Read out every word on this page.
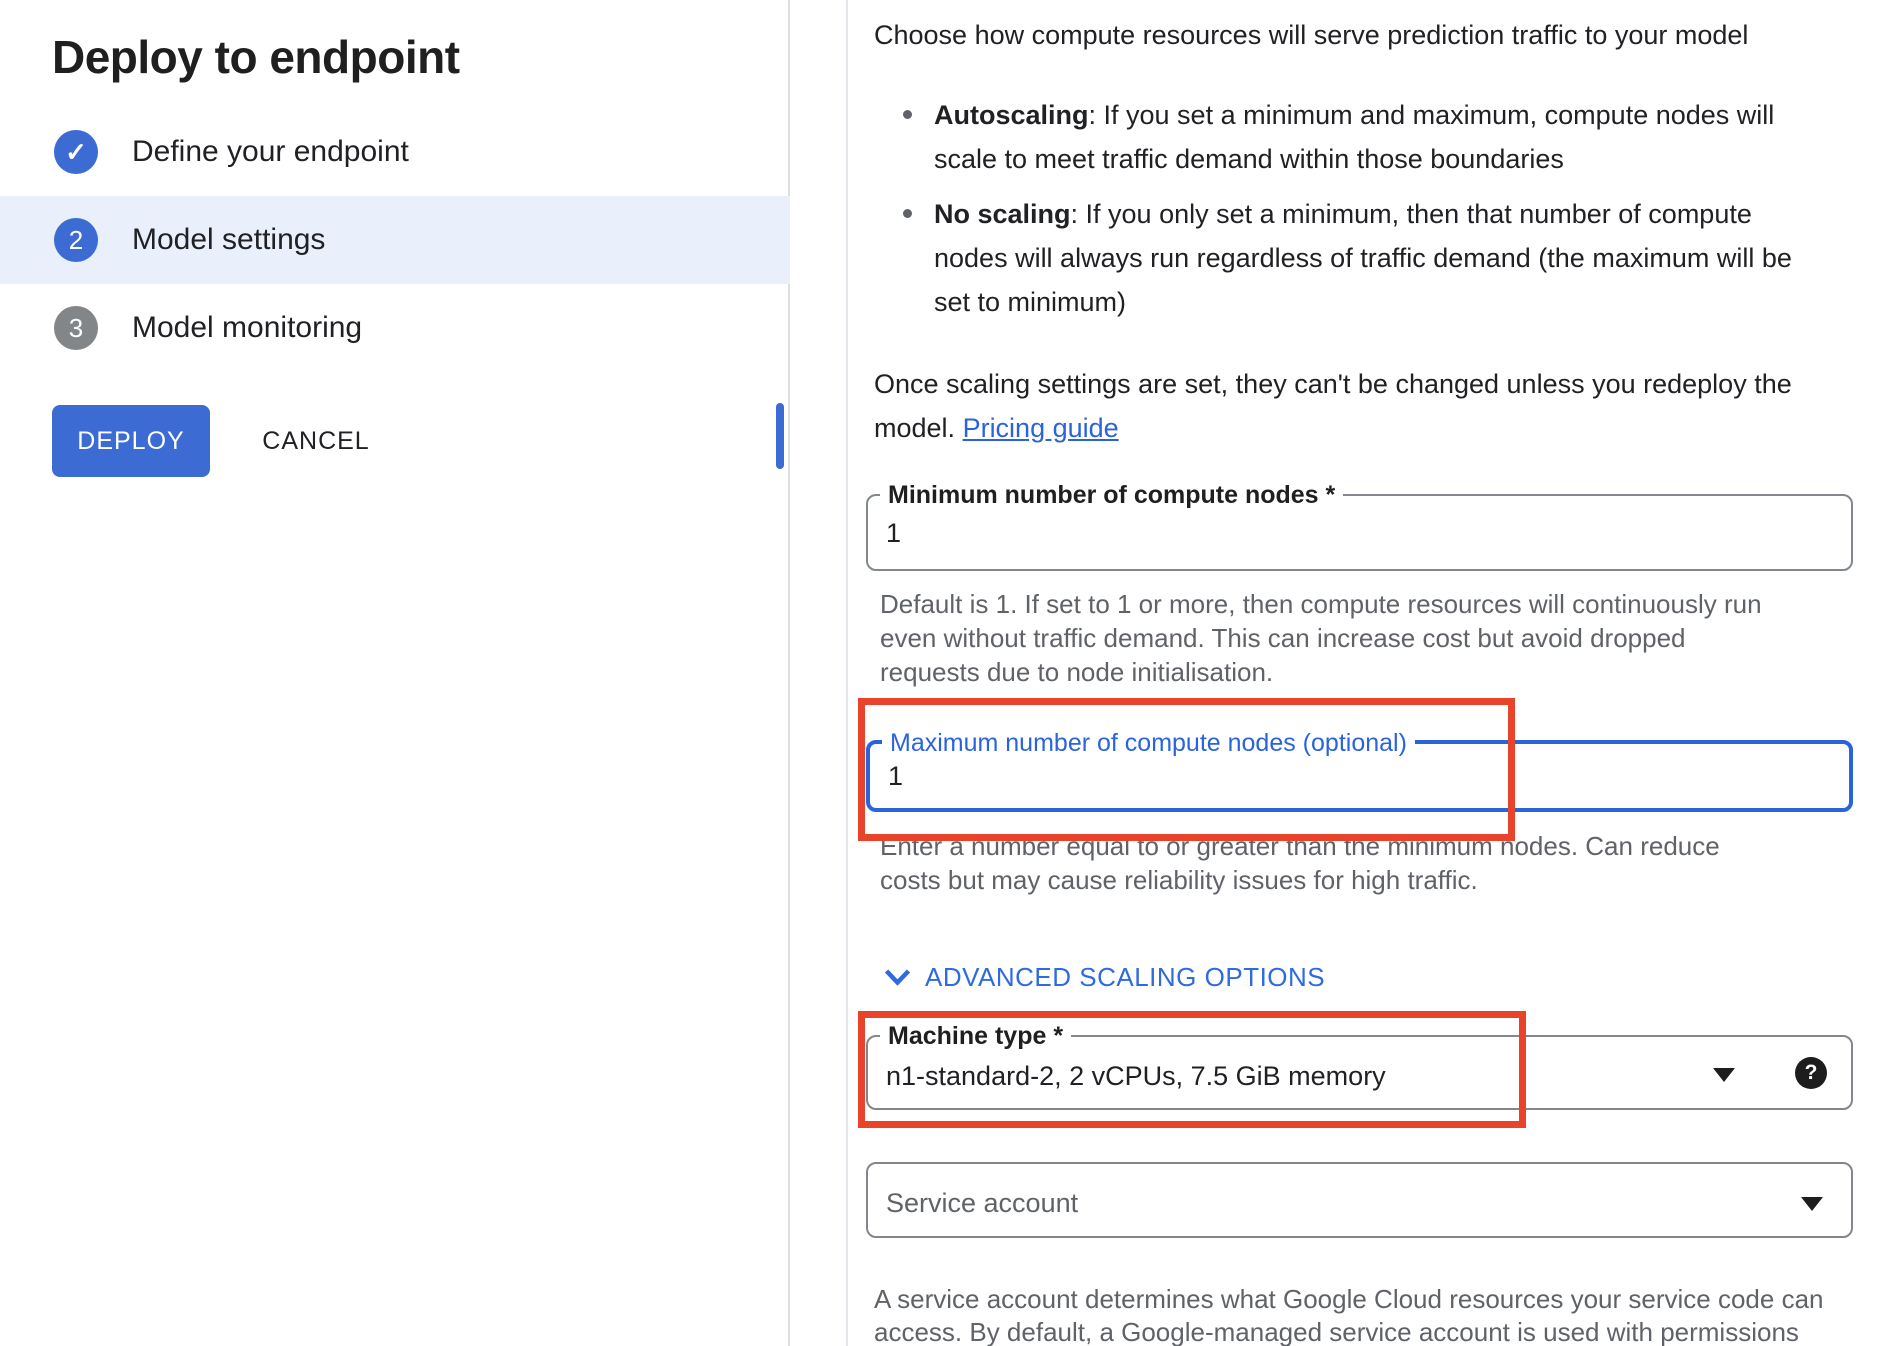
Deploy to endpoint
✓ Define your endpoint
2	Model settings
3	Model monitoring
DEPLOY	CANCEL
Choose how compute resources will serve prediction traffic to your model
Autoscaling: If you set a minimum and maximum, compute nodes will
scale to meet traffic demand within those boundaries
No scaling: If you only set a minimum, then that number of compute
nodes will always run regardless of traffic demand (the maximum will be
set to minimum)
Once scaling settings are set, they can't be changed unless you redeploy the
model. Pricing guide
Minimum number of compute nodes *
1
Default is 1. If set to 1 or more, then compute resources will continuously run
even without traffic demand. This can increase cost but avoid dropped
requests due to node initialisation.
Maximum number of compute nodes (optional)
1
Enter a number equal to or greater than the minimum nodes. Can reduce
costs but may cause reliability issues for high traffic.
ADVANCED SCALING OPTIONS
Machine type *
n1-standard-2, 2 vCPUs, 7.5 GiB memory	?
Service account
A service account determines what Google Cloud resources your service code can
access. By default, a Google-managed service account is used with permissions
